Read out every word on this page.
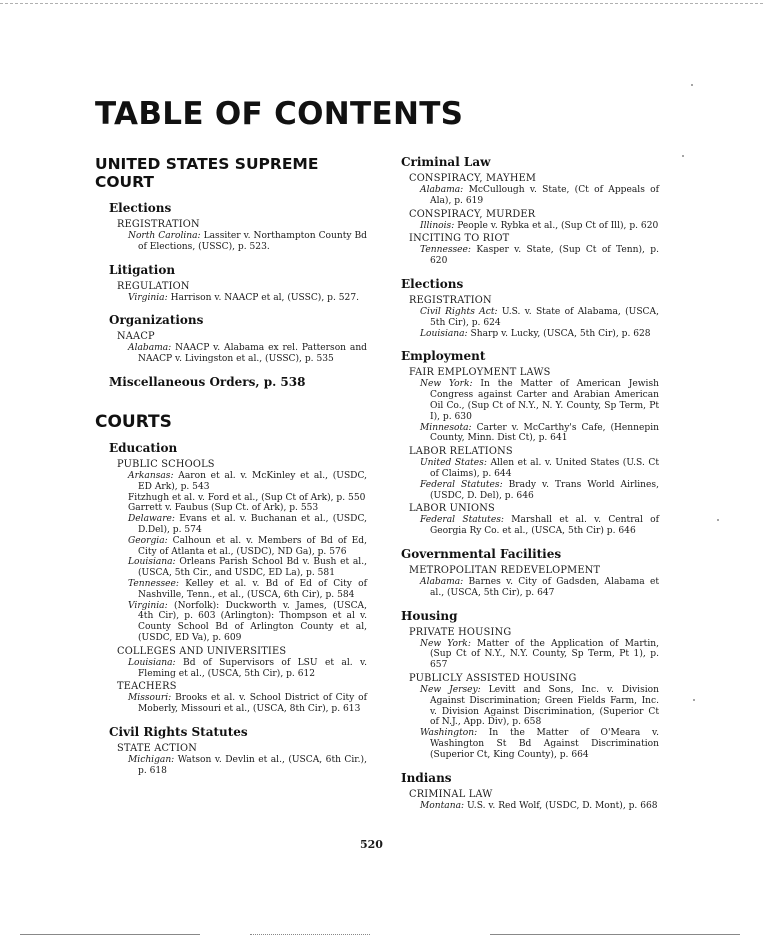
TABLE OF CONTENTS
UNITED STATES SUPREME COURT
Elections
REGISTRATION

North Carolina: Lassiter v. Northampton County Bd of Elections, (USSC), p. 523.

Litigation
REGULATION

Virginia: Harrison v. NAACP et al, (USSC), p. 527.

Organizations
NAACP

Alabama: NAACP v. Alabama ex rel. Patterson and NAACP v. Livingston et al., (USSC), p. 535

Miscellaneous Orders, p. 538
COURTS
Education
PUBLIC SCHOOLS

Arkansas: Aaron et al. v. McKinley et al., (USDC, ED Ark), p. 543

Fitzhugh et al. v. Ford et al., (Sup Ct of Ark), p. 550

Garrett v. Faubus (Sup Ct. of Ark), p. 553

Delaware: Evans et al. v. Buchanan et al., (USDC, D.Del), p. 574

Georgia: Calhoun et al. v. Members of Bd of Ed, City of Atlanta et al., (USDC), ND Ga), p. 576

Louisiana: Orleans Parish School Bd v. Bush et al., (USCA, 5th Cir., and USDC, ED La), p. 581

Tennessee: Kelley et al. v. Bd of Ed of City of Nashville, Tenn., et al., (USCA, 6th Cir), p. 584

Virginia: (Norfolk): Duckworth v. James, (USCA, 4th Cir), p. 603 (Arlington): Thompson et al v. County School Bd of Arlington County et al, (USDC, ED Va), p. 609

COLLEGES AND UNIVERSITIES

Louisiana: Bd of Supervisors of LSU et al. v. Fleming et al., (USCA, 5th Cir), p. 612

TEACHERS

Missouri: Brooks et al. v. School District of City of Moberly, Missouri et al., (USCA, 8th Cir), p. 613

Civil Rights Statutes
STATE ACTION

Michigan: Watson v. Devlin et al., (USCA, 6th Cir.), p. 618

Criminal Law
CONSPIRACY, MAYHEM

Alabama: McCullough v. State, (Ct of Appeals of Ala), p. 619

CONSPIRACY, MURDER

Illinois: People v. Rybka et al., (Sup Ct of Ill), p. 620

INCITING TO RIOT

Tennessee: Kasper v. State, (Sup Ct of Tenn), p. 620

Elections
REGISTRATION

Civil Rights Act: U.S. v. State of Alabama, (USCA, 5th Cir), p. 624

Louisiana: Sharp v. Lucky, (USCA, 5th Cir), p. 628

Employment
FAIR EMPLOYMENT LAWS

New York: In the Matter of American Jewish Congress against Carter and Arabian American Oil Co., (Sup Ct of N.Y., N. Y. County, Sp Term, Pt I), p. 630

Minnesota: Carter v. McCarthy's Cafe, (Hennepin County, Minn. Dist Ct), p. 641

LABOR RELATIONS

United States: Allen et al. v. United States (U.S. Ct of Claims), p. 644

Federal Statutes: Brady v. Trans World Airlines, (USDC, D. Del), p. 646

LABOR UNIONS

Federal Statutes: Marshall et al. v. Central of Georgia Ry Co. et al., (USCA, 5th Cir) p. 646

Governmental Facilities
METROPOLITAN REDEVELOPMENT

Alabama: Barnes v. City of Gadsden, Alabama et al., (USCA, 5th Cir), p. 647

Housing
PRIVATE HOUSING

New York: Matter of the Application of Martin, (Sup Ct of N.Y., N.Y. County, Sp Term, Pt 1), p. 657

PUBLICLY ASSISTED HOUSING

New Jersey: Levitt and Sons, Inc. v. Division Against Discrimination; Green Fields Farm, Inc. v. Division Against Discrimination, (Superior Ct of N.J., App. Div), p. 658

Washington: In the Matter of O'Meara v. Washington St Bd Against Discrimination (Superior Ct, King County), p. 664

Indians
CRIMINAL LAW

Montana: U.S. v. Red Wolf, (USDC, D. Mont), p. 668

520
